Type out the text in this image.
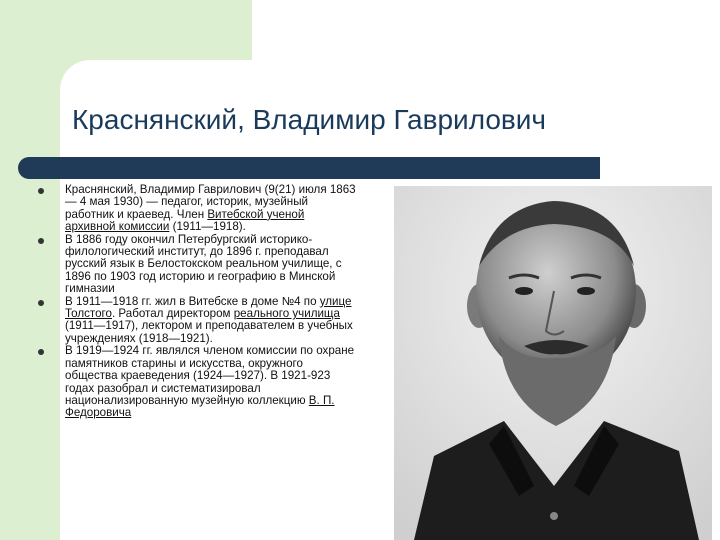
Краснянский, Владимир Гаврилович
Краснянский, Владимир Гаврилович (9(21) июля 1863— 4 мая 1930) — педагог, историк, музейный работник и краевед. Член Витебской ученой архивной комиссии (1911—1918).
В 1886 году окончил Петербургский историко-филологический институт, до 1896 г. преподавал русский язык в Белостокском реальном училище, с 1896 по 1903 год историю и географию в Минской гимназии
В 1911—1918 гг. жил в Витебске в доме №4 по улице Толстого. Работал директором реального училища (1911—1917), лектором и преподавателем в учебных учреждениях (1918—1921).
В 1919—1924 гг. являлся членом комиссии по охране памятников старины и искусства, окружного общества краеведения (1924—1927). В 1921-923 годах разобрал и систематизировал национализированную музейную коллекцию В. П. Федоровича
